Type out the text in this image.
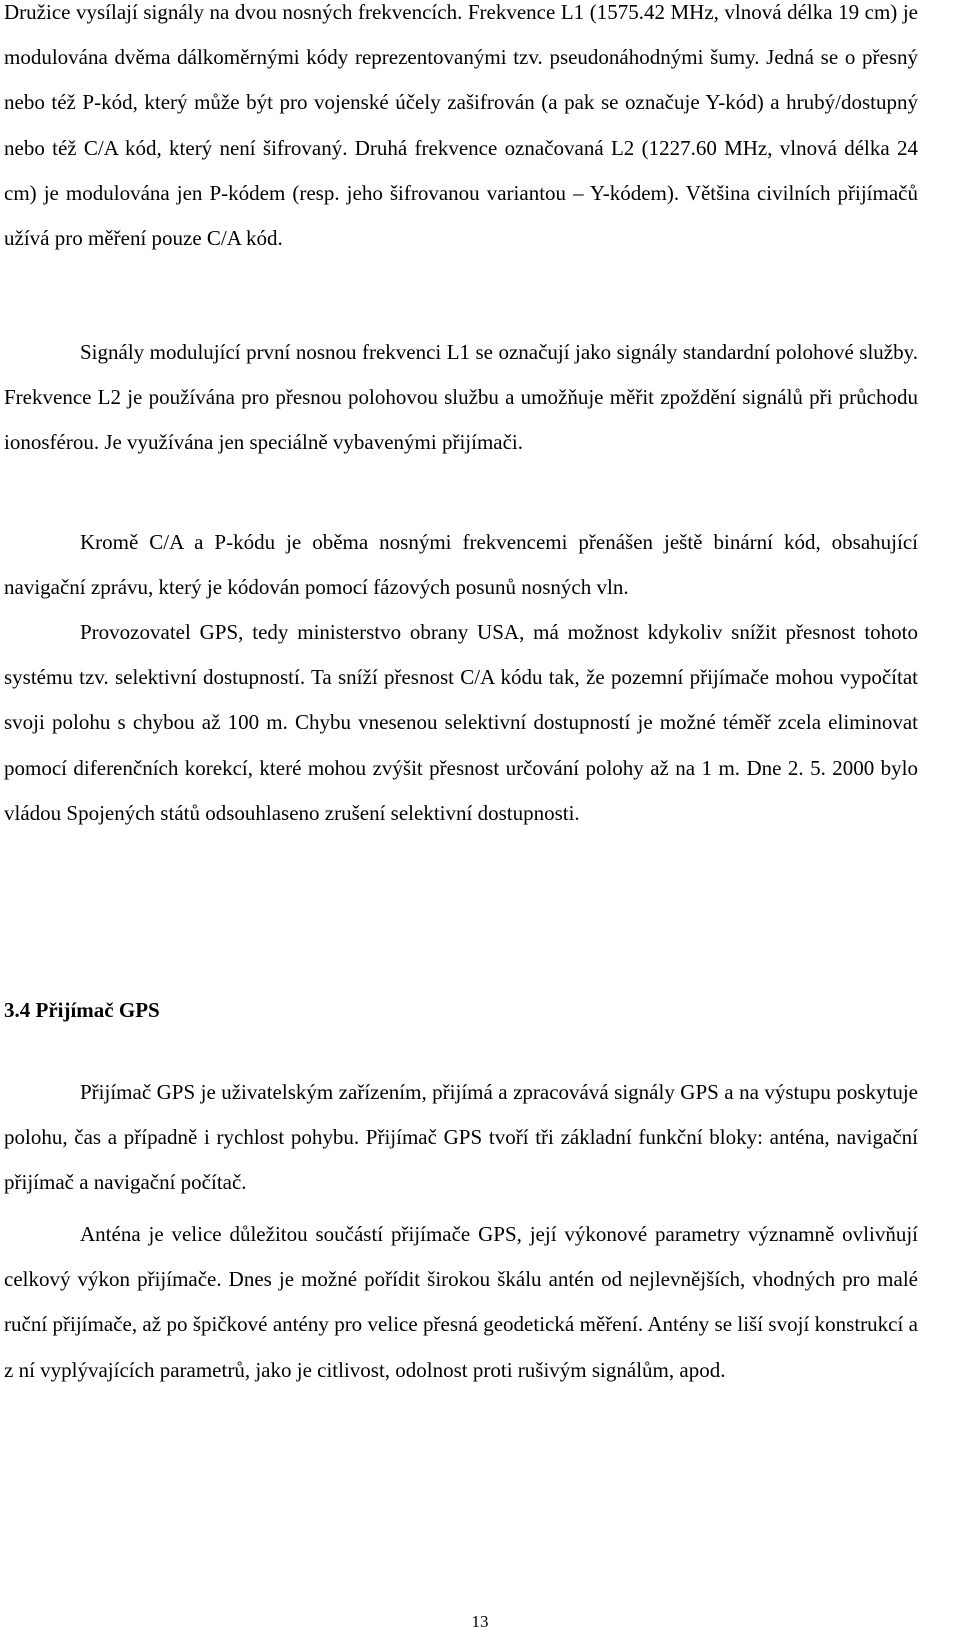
Družice vysílají signály na dvou nosných frekvencích. Frekvence L1 (1575.42 MHz, vlnová délka 19 cm) je modulována dvěma dálkoměrnými kódy reprezentovanými tzv. pseudonáhodnými šumy. Jedná se o přesný nebo též P-kód, který může být pro vojenské účely zašifrován (a pak se označuje Y-kód) a hrubý/dostupný nebo též C/A kód, který není šifrovaný. Druhá frekvence označovaná L2 (1227.60 MHz, vlnová délka 24 cm) je modulována jen P-kódem (resp. jeho šifrovanou variantou – Y-kódem). Většina civilních přijímačů užívá pro měření pouze C/A kód.

Signály modulující první nosnou frekvenci L1 se označují jako signály standardní polohové služby. Frekvence L2 je používána pro přesnou polohovou službu a umožňuje měřit zpoždění signálů při průchodu ionosférou. Je využívána jen speciálně vybavenými přijímači.

Kromě C/A a P-kódu je oběma nosnými frekvencemi přenášen ještě binární kód, obsahující navigační zprávu, který je kódován pomocí fázových posunů nosných vln.

Provozovatel GPS, tedy ministerstvo obrany USA, má možnost kdykoliv snížit přesnost tohoto systému tzv. selektivní dostupností. Ta sníží přesnost C/A kódu tak, že pozemní přijímače mohou vypočítat svoji polohu s chybou až 100 m. Chybu vnesenou selektivní dostupností je možné téměř zcela eliminovat pomocí diferenčních korekcí, které mohou zvýšit přesnost určování polohy až na 1 m. Dne 2. 5. 2000 bylo vládou Spojených států odsouhlaseno zrušení selektivní dostupnosti.

3.4 Přijímač GPS

Přijímač GPS je uživatelským zařízením, přijímá a zpracovává signály GPS a na výstupu poskytuje polohu, čas a případně i rychlost pohybu. Přijímač GPS tvoří tři základní funkční bloky: anténa, navigační přijímač a navigační počítač.

Anténa je velice důležitou součástí přijímače GPS, její výkonové parametry významně ovlivňují celkový výkon přijímače. Dnes je možné pořídit širokou škálu antén od nejlevnějších, vhodných pro malé ruční přijímače, až po špičkové antény pro velice přesná geodetická měření. Antény se liší svojí konstrukcí a z ní vyplývajících parametrů, jako je citlivost, odolnost proti rušivým signálům, apod.

13
